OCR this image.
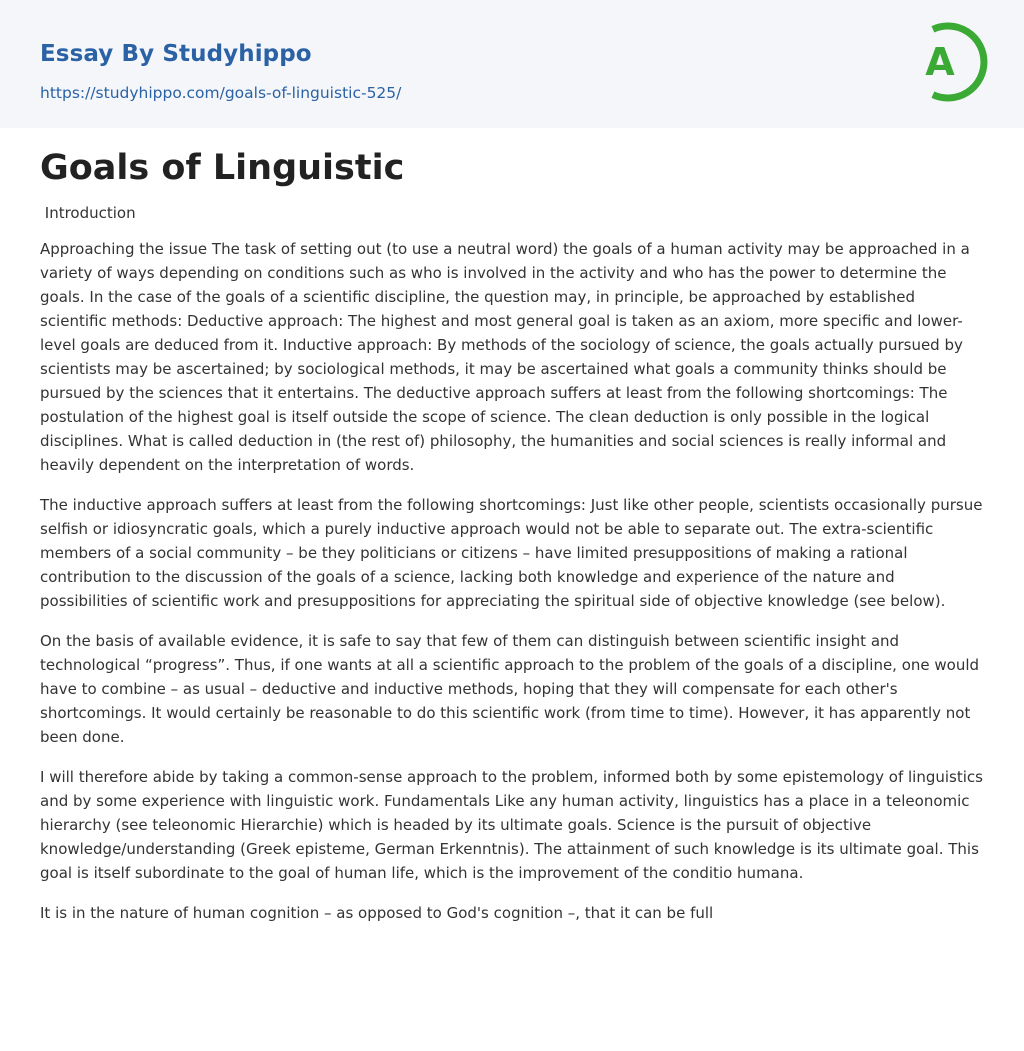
Essay By Studyhippo
https://studyhippo.com/goals-of-linguistic-525/
A
Goals of Linguistic

Introduction

Approaching the issue The task of setting out (to use a neutral word) the goals of a human activity may be approached in a variety of ways depending on conditions such as who is involved in the activity and who has the power to determine the goals. In the case of the goals of a scientific discipline, the question may, in principle, be approached by established scientific methods: Deductive approach: The highest and most general goal is taken as an axiom, more specific and lower-level goals are deduced from it. Inductive approach: By methods of the sociology of science, the goals actually pursued by scientists may be ascertained; by sociological methods, it may be ascertained what goals a community thinks should be pursued by the sciences that it entertains. The deductive approach suffers at least from the following shortcomings: The postulation of the highest goal is itself outside the scope of science. The clean deduction is only possible in the logical disciplines. What is called deduction in (the rest of) philosophy, the humanities and social sciences is really informal and heavily dependent on the interpretation of words.

The inductive approach suffers at least from the following shortcomings: Just like other people, scientists occasionally pursue selfish or idiosyncratic goals, which a purely inductive approach would not be able to separate out. The extra-scientific members of a social community – be they politicians or citizens – have limited presuppositions of making a rational contribution to the discussion of the goals of a science, lacking both knowledge and experience of the nature and possibilities of scientific work and presuppositions for appreciating the spiritual side of objective knowledge (see below).

On the basis of available evidence, it is safe to say that few of them can distinguish between scientific insight and technological “progress”. Thus, if one wants at all a scientific approach to the problem of the goals of a discipline, one would have to combine – as usual – deductive and inductive methods, hoping that they will compensate for each other's shortcomings. It would certainly be reasonable to do this scientific work (from time to time). However, it has apparently not been done.

I will therefore abide by taking a common-sense approach to the problem, informed both by some epistemology of linguistics and by some experience with linguistic work. Fundamentals Like any human activity, linguistics has a place in a teleonomic hierarchy (see teleonomic Hierarchie) which is headed by its ultimate goals. Science is the pursuit of objective knowledge/understanding (Greek episteme, German Erkenntnis). The attainment of such knowledge is its ultimate goal. This goal is itself subordinate to the goal of human life, which is the improvement of the conditio humana.

It is in the nature of human cognition – as opposed to God's cognition –, that it can be full
